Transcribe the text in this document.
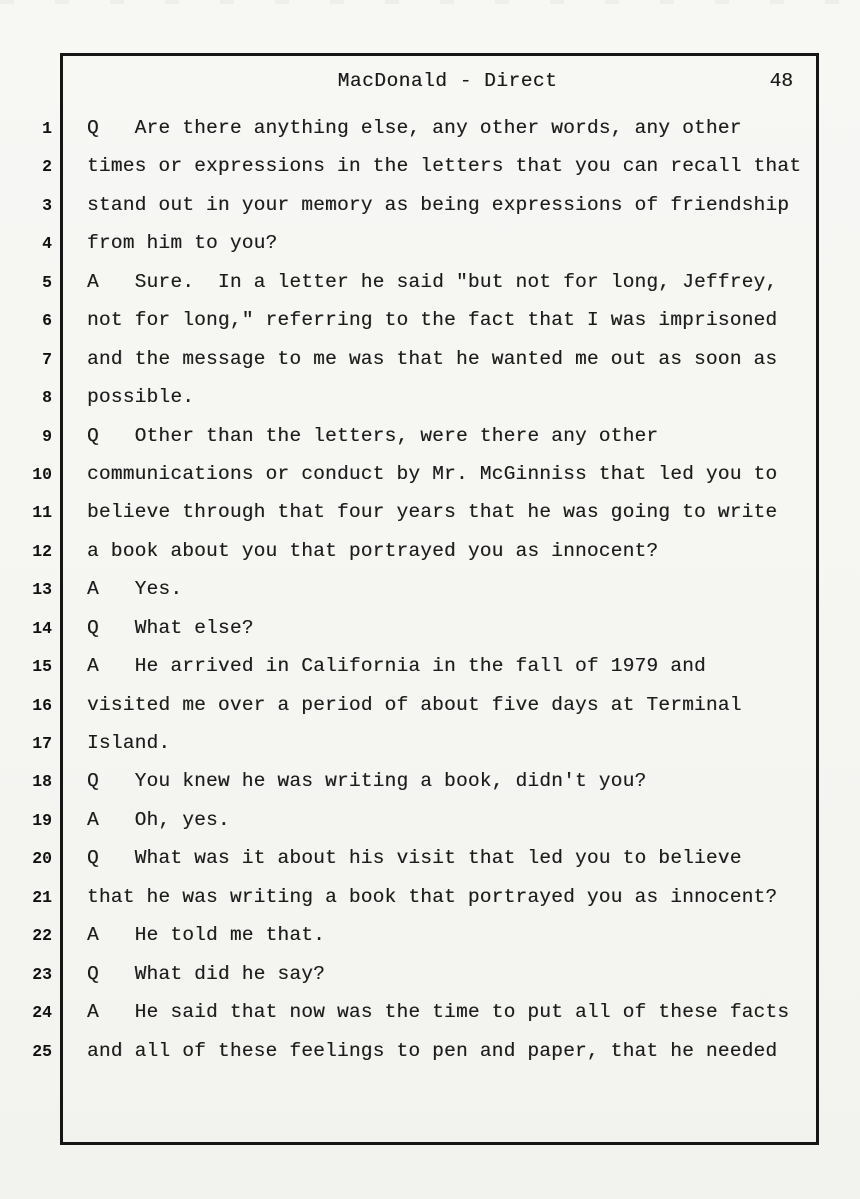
MacDonald - Direct	48
1 Q   Are there anything else, any other words, any other
2 times or expressions in the letters that you can recall that
3 stand out in your memory as being expressions of friendship
4 from him to you?
5 A   Sure.  In a letter he said "but not for long, Jeffrey,
6 not for long," referring to the fact that I was imprisoned
7 and the message to me was that he wanted me out as soon as
8 possible.
9 Q   Other than the letters, were there any other
10 communications or conduct by Mr. McGinniss that led you to
11 believe through that four years that he was going to write
12 a book about you that portrayed you as innocent?
13 A   Yes.
14 Q   What else?
15 A   He arrived in California in the fall of 1979 and
16 visited me over a period of about five days at Terminal
17 Island.
18 Q   You knew he was writing a book, didn't you?
19 A   Oh, yes.
20 Q   What was it about his visit that led you to believe
21 that he was writing a book that portrayed you as innocent?
22 A   He told me that.
23 Q   What did he say?
24 A   He said that now was the time to put all of these facts
25 and all of these feelings to pen and paper, that he needed
